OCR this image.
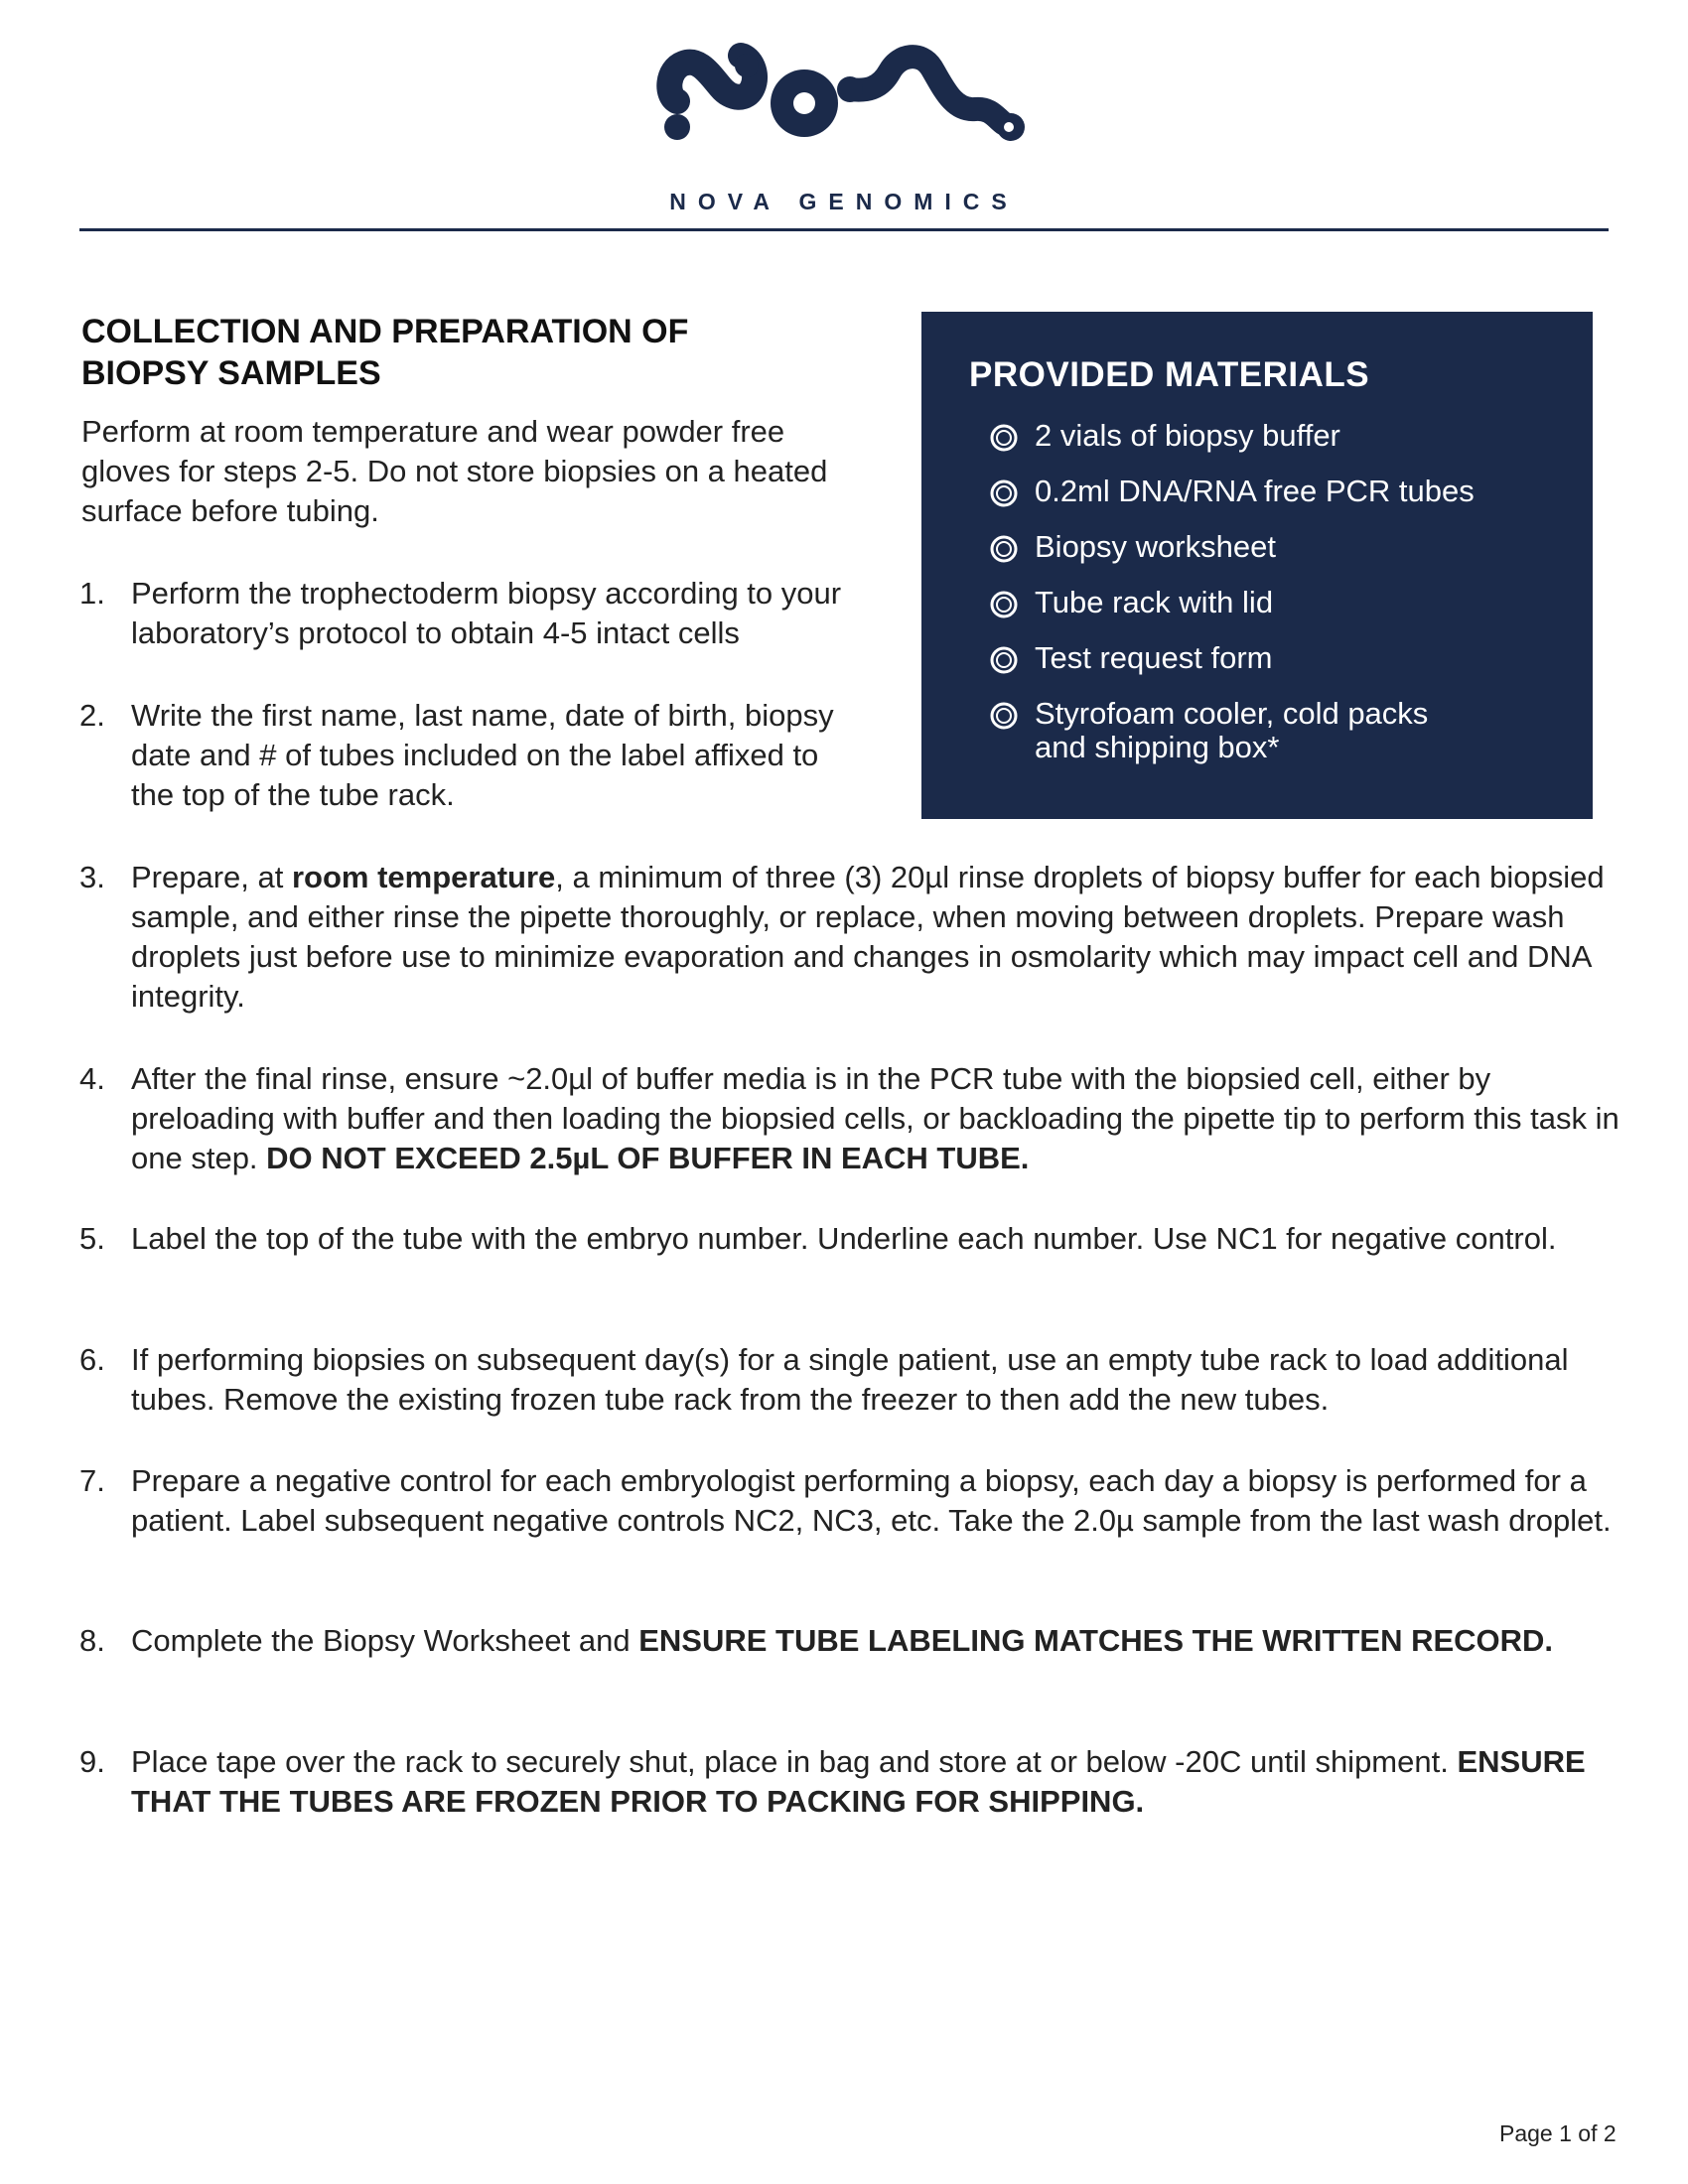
NOVA GENOMICS
COLLECTION AND PREPARATION OF
BIOPSY SAMPLES
Perform at room temperature and wear powder free gloves for steps 2-5. Do not store biopsies on a heated surface before tubing.
PROVIDED MATERIALS
2 vials of biopsy buffer
0.2ml DNA/RNA free PCR tubes
Biopsy worksheet
Tube rack with lid
Test request form
Styrofoam cooler, cold packs and shipping box*
1. Perform the trophectoderm biopsy according to your laboratory’s protocol to obtain 4-5 intact cells
2. Write the first name, last name, date of birth, biopsy date and # of tubes included on the label affixed to the top of the tube rack.
3. Prepare, at room temperature, a minimum of three (3) 20µl rinse droplets of biopsy buffer for each biopsied sample, and either rinse the pipette thoroughly, or replace, when moving between droplets. Prepare wash droplets just before use to minimize evaporation and changes in osmolarity which may impact cell and DNA integrity.
4. After the final rinse, ensure ~2.0µl of buffer media is in the PCR tube with the biopsied cell, either by preloading with buffer and then loading the biopsied cells, or backloading the pipette tip to perform this task in one step. DO NOT EXCEED 2.5µL OF BUFFER IN EACH TUBE.
5. Label the top of the tube with the embryo number. Underline each number. Use NC1 for negative control.
6. If performing biopsies on subsequent day(s) for a single patient, use an empty tube rack to load additional tubes. Remove the existing frozen tube rack from the freezer to then add the new tubes.
7. Prepare a negative control for each embryologist performing a biopsy, each day a biopsy is performed for a patient. Label subsequent negative controls NC2, NC3, etc. Take the 2.0µ sample from the last wash droplet.
8. Complete the Biopsy Worksheet and ENSURE TUBE LABELING MATCHES THE WRITTEN RECORD.
9. Place tape over the rack to securely shut, place in bag and store at or below -20C until shipment. ENSURE THAT THE TUBES ARE FROZEN PRIOR TO PACKING FOR SHIPPING.
Page 1 of 2
